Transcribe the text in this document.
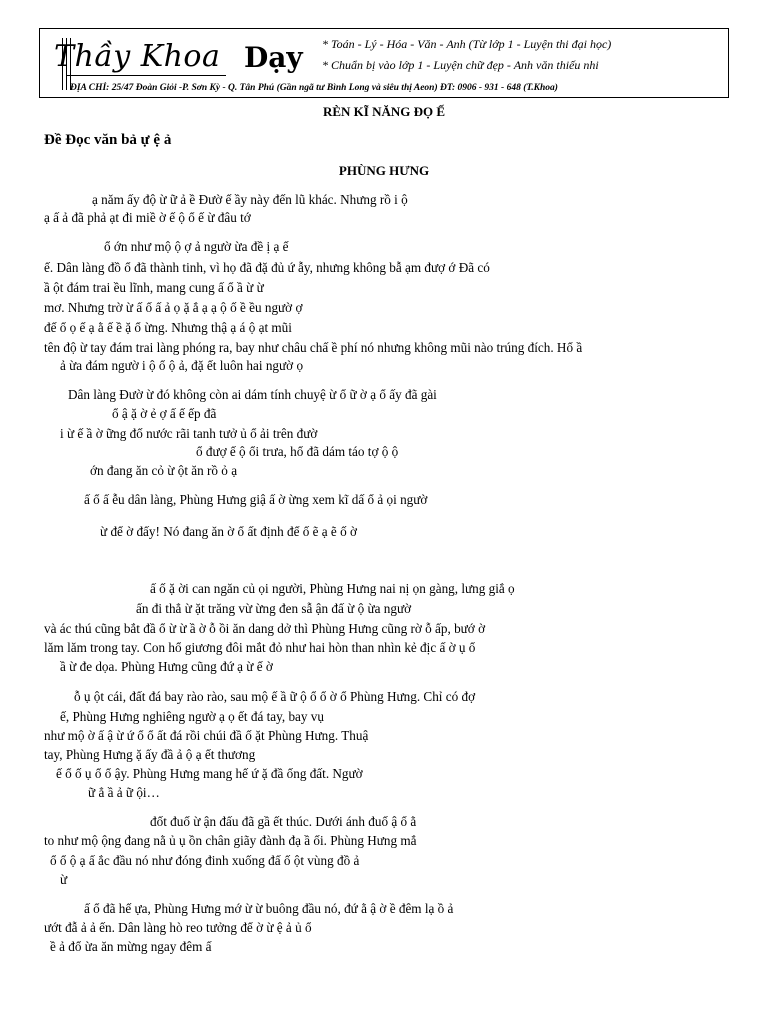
Thầy Khoa Dạy * Toán - Lý - Hóa - Văn - Anh (Từ lớp 1 - Luyện thi đại học)
* Chuẩn bị vào lớp 1 - Luyện chữ đẹp - Anh văn thiếu nhi
ĐỊA CHỈ: 25/47 Đoàn Giỏi -P. Sơn Kỳ - Q. Tân Phú (Gần ngã tư Bình Long và siêu thị Aeon) ĐT: 0906 - 931 - 648 (T.Khoa)
RÈN KĨ NĂNG ĐỌ Ế
Đề Đọc văn bả ự ệ ả
PHÙNG HƯNG
ạ năm ấy độ ừ ữ ả ề Đườ ế ầy này đến lũ khác. Nhưng rồ i ộ
ạ ấ ả đã phả ạt đi miề ờ ế ộ ổ ế ừ đâu tớ
ổ ớn như mộ ộ ợ ả ngườ ừa đề ị ạ ế
ế. Dân làng đồ ổ đã thành tinh, vì họ đã đặ đủ ứ ẫy, nhưng không bẫ ạm đượ ớ Đã có
ầ ột đám trai ều lĩnh, mang cung ấ ổ ầ ừ ừ
mơ. Nhưng trờ ừ ấ ố ấ ả ọ ặ ắ ạ ạ ộ ố ề ều ngườ ợ
đế ổ ọ ế ạ ằ ế ề ặ ổ ừng. Nhưng thậ ạ á ộ ạt mũi
tên độ ừ tay đám trai làng phóng ra, bay như châu chấ ề phí nó nhưng không mũi nào trúng đích. Hổ ầ
ả ừa đám ngườ i ộ ổ ộ ả, đặ ết luôn hai ngườ ọ
Dân làng Đườ ừ đó không còn ai dám tính chuyệ ừ ổ ữ ờ ạ ổ ấy đã gài
ổ ậ ặ ờ ẻ ợ ấ ế ếp đã
i ừ ế ầ ờ ững đố nước rãi tanh tưở ủ ổ ải trên đườ
ổ đượ ế ộ ổi trưa, hổ đã dám táo tợ ộ ộ
ớn đang ăn cỏ ừ ột ăn rồ ỏ ạ
ấ ổ ấ ễu dân làng, Phùng Hưng giậ ấ ờ ừng xem kĩ dấ ổ ả ọi ngườ
ừ để ờ đấy! Nó đang ăn ờ ổ ất định để ố ẽ ạ ẽ ố ờ
ấ ố ặ ời can ngăn củ ọi người, Phùng Hưng nai nị ọn gàng, lưng giắ ọ
ấn đi thẳ ừ ặt trăng vừ ừng đen sẫ ận đấ ừ ộ ừa ngườ
và ác thú cũng bắt đầ ổ ừ ừ ầ ờ ỗ ồi ăn dang dở thì Phùng Hưng cũng rờ ỗ ấp, bướ ờ
lăm lăm trong tay. Con hổ giương đôi mắt đỏ như hai hòn than nhìn kẻ địc ấ ờ ụ ổ
ầ ừ đe dọa. Phùng Hưng cũng đứ ạ ừ ế ờ
ỗ ụ ột cái, đất đá bay rào rào, sau mộ ế ầ ữ ộ ổ ổ ờ ổ Phùng Hưng. Chỉ có đợ
ế, Phùng Hưng nghiêng ngườ ạ ọ ết đá tay, bay vụ
như mộ ờ ấ ậ ừ ứ ổ ổ ất đá rồi chúi đầ ố ặt Phùng Hưng. Thuậ
tay, Phùng Hưng ặ ấy đầ ả ộ ạ ết thương
ế ổ ố ụ ổ ổ ậy. Phùng Hưng mang hế ứ ặ đầ ống đất. Ngườ
ữ ẳ ầ ả ữ ội…
đốt đuố ừ ận đấu đã gầ ết thúc. Dưới ánh đuố ậ ổ ằ
to như mộ ộng đang nằ ủ ụ ồn chân giãy đành đạ ầ ối. Phùng Hưng mắ
ổ ổ ộ ạ ấ ắc đầu nó như đóng đinh xuống đấ ố ột vùng đồ ả
ừ
ấ ổ đã hế ựa, Phùng Hưng mớ ừ ừ buông đầu nó, đứ ằ ậ ờ ề đêm lạ ồ ả
ướt đẫ ả ả ến. Dân làng hò reo tưởng để ờ ừ ệ ả ủ ổ
ề ả đổ ừa ăn mừng ngay đêm ấ
